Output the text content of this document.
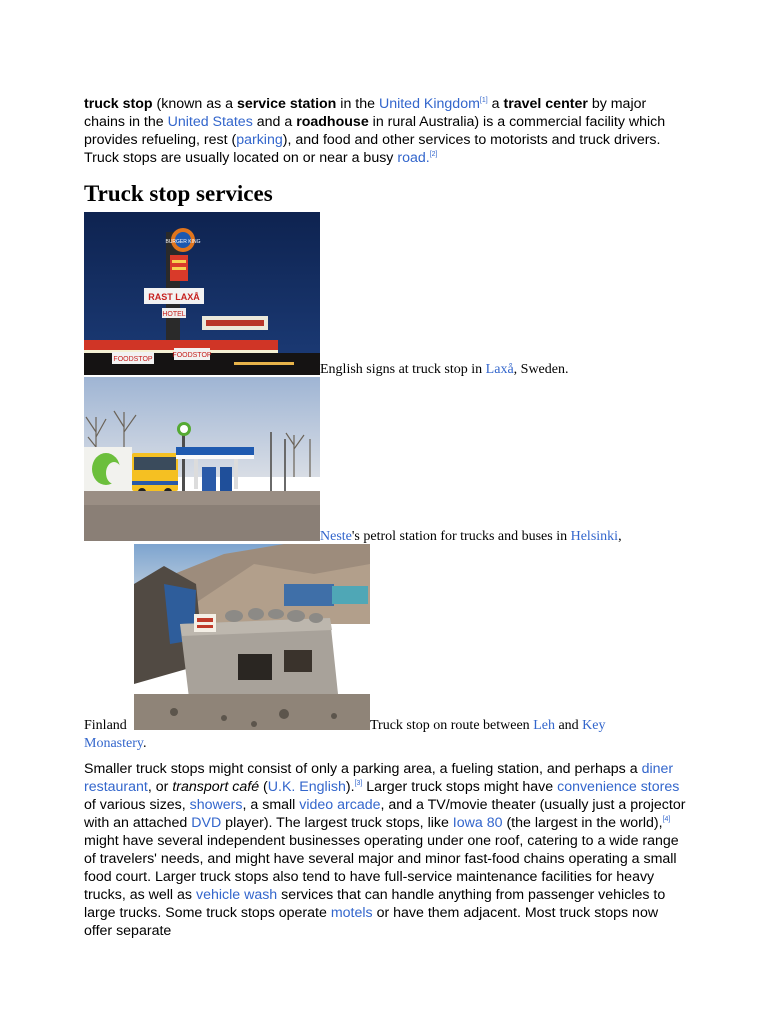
truck stop (known as a service station in the United Kingdom[1] a travel center by major chains in the United States and a roadhouse in rural Australia) is a commercial facility which provides refueling, rest (parking), and food and other services to motorists and truck drivers. Truck stops are usually located on or near a busy road.[2]

Truck stop services
BURGER KING
RAST LAXÅ
HOTEL
FOODSTOP
FOODSTOP
English signs at truck stop in Laxå, Sweden.
Neste's petrol station for trucks and buses in Helsinki,
Finland	Truck stop on route between Leh and Key
Monastery.

Smaller truck stops might consist of only a parking area, a fueling station, and perhaps a diner restaurant, or transport café (U.K. English).[3] Larger truck stops might have convenience stores of various sizes, showers, a small video arcade, and a TV/movie theater (usually just a projector with an attached DVD player). The largest truck stops, like Iowa 80 (the largest in the world),[4] might have several independent businesses operating under one roof, catering to a wide range of travelers' needs, and might have several major and minor fast-food chains operating a small food court. Larger truck stops also tend to have full-service maintenance facilities for heavy trucks, as well as vehicle wash services that can handle anything from passenger vehicles to large trucks. Some truck stops operate motels or have them adjacent. Most truck stops now offer separate
